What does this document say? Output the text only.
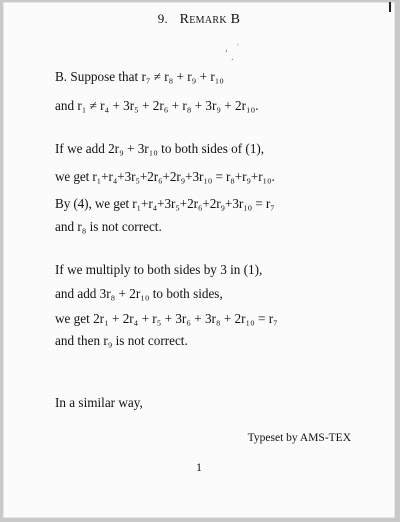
9. Remark B
,   ʿ
·
B. Suppose that r₇ ≠ r₈ + r₉ + r₁₀
and r₁ ≠ r₄ + 3r₅ + 2r₆ + r₈ + 3r₉ + 2r₁₀.
If we add 2r₉ + 3r₁₀ to both sides of (1),
we get r₁+r₄+3r₅+2r₆+2r₉+3r₁₀ = r₈+r₉+r₁₀.
By (4), we get r₁+r₄+3r₅+2r₆+2r₉+3r₁₀ = r₇
and r₈ is not correct.
If we multiply to both sides by 3 in (1),
and add 3r₈ + 2r₁₀ to both sides,
we get 2r₁ + 2r₄ + r₅ + 3r₆ + 3r₈ + 2r₁₀ = r₇
and then r₉ is not correct.
In a similar way,
Typeset by AMS-TEX
1
